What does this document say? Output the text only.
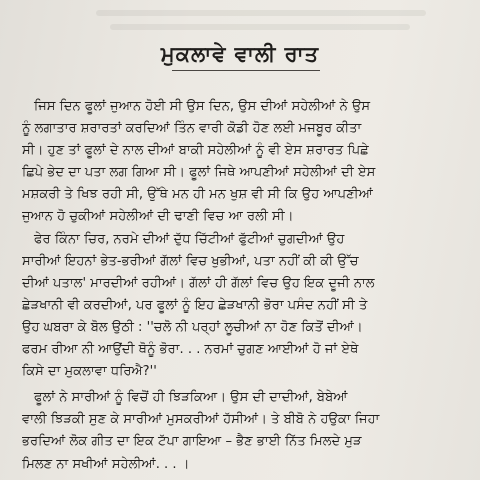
ਮੁਕਲਾਵੇ ਵਾਲੀ ਰਾਤ
ਜਿਸ ਦਿਨ ਫੂਲਾਂ ਜੁਆਨ ਹੋਈ ਸੀ ਉਸ ਦਿਨ, ਉਸ ਦੀਆਂ ਸਹੇਲੀਆਂ ਨੇ ਉਸ
ਨੂੰ ਲਗਾਤਾਰ ਸ਼ਰਾਰਤਾਂ ਕਰਦਿਆਂ ਤਿੰਨ ਵਾਰੀ ਕੋਡੀ ਹੋਣ ਲਈ ਮਜਬੂਰ ਕੀਤਾ
ਸੀ। ਹੁਣ ਤਾਂ ਫੂਲਾਂ ਦੇ ਨਾਲ ਦੀਆਂ ਬਾਕੀ ਸਹੇਲੀਆਂ ਨੂੰ ਵੀ ਏਸ ਸ਼ਰਾਰਤ ਪਿਛੇ
ਛਿਪੇ ਭੇਦ ਦਾ ਪਤਾ ਲਗ ਗਿਆ ਸੀ। ਫੂਲਾਂ ਜਿਥੇ ਆਪਣੀਆਂ ਸਹੇਲੀਆਂ ਦੀ ਏਸ
ਮਸ਼ਕਰੀ ਤੇ ਖਿਝ ਰਹੀ ਸੀ, ਉੱਥੇ ਮਨ ਹੀ ਮਨ ਖੁਸ਼ ਵੀ ਸੀ ਕਿ ਉਹ ਆਪਣੀਆਂ
ਜੁਆਨ ਹੋ ਚੁਕੀਆਂ ਸਹੇਲੀਆਂ ਦੀ ਢਾਣੀ ਵਿਚ ਆ ਰਲੀ ਸੀ।
ਫੇਰ ਕਿੰਨਾ ਚਿਰ, ਨਰਮੇ ਦੀਆਂ ਦੁੱਧ ਚਿੱਟੀਆਂ ਫੁੱਟੀਆਂ ਚੁਗਦੀਆਂ ਉਹ
ਸਾਰੀਆਂ ਇਹਨਾਂ ਭੇਤ-ਭਰੀਆਂ ਗੱਲਾਂ ਵਿਚ ਖੁਭੀਆਂ, ਪਤਾ ਨਹੀਂ ਕੀ ਕੀ ਉੱਚ
ਦੀਆਂ ਪਤਾਲ' ਮਾਰਦੀਆਂ ਰਹੀਆਂ। ਗੱਲਾਂ ਹੀ ਗੱਲਾਂ ਵਿਚ ਉਹ ਇਕ ਦੂਜੀ ਨਾਲ
ਛੇੜਖਾਨੀ ਵੀ ਕਰਦੀਆਂ, ਪਰ ਫੂਲਾਂ ਨੂੰ ਇਹ ਛੇੜਖਾਨੀ ਭੋਰਾ ਪਸੰਦ ਨਹੀਂ ਸੀ ਤੇ
ਉਹ ਘਬਰਾ ਕੇ ਬੋਲ ਉਠੀ : ''ਚਲੋ ਨੀ ਪਰ੍ਹਾਂ ਲੂਚੀਆਂ ਨਾ ਹੋਣ ਕਿਤੋਂ ਦੀਆਂ।
ਫਰਮ ਰੀਆ ਨੀ ਆਉਂਦੀ ਥੋਨੂੰ ਭੋਰਾ. . . ਨਰਮਾਂ ਚੁਗਣ ਆਈਆਂ ਹੋ ਜਾਂ ਏਥੇ
ਕਿਸੇ ਦਾ ਮੁਕਲਾਵਾ ਧਰਿਐ?''
ਫੂਲਾਂ ਨੇ ਸਾਰੀਆਂ ਨੂੰ ਵਿਚੋਂ ਹੀ ਝਿੜਕਿਆ। ਉਸ ਦੀ ਦਾਦੀਆਂ, ਬੇਬੇਆਂ
ਵਾਲੀ ਝਿੜਕੀ ਸੁਣ ਕੇ ਸਾਰੀਆਂ ਮੁਸਕਰੀਆਂ ਹੱਸੀਆਂ। ਤੇ ਬੀਬੋ ਨੇ ਹਉਕਾ ਜਿਹਾ
ਭਰਦਿਆਂ ਲੋਕ ਗੀਤ ਦਾ ਇਕ ਟੱਪਾ ਗਾਇਆ – ਭੈਣ ਭਾਈ ਨਿੱਤ ਮਿਲਦੇ ਮੁੜ
ਮਿਲਣ ਨਾ ਸਖੀਆਂ ਸਹੇਲੀਆਂ. . . ।
